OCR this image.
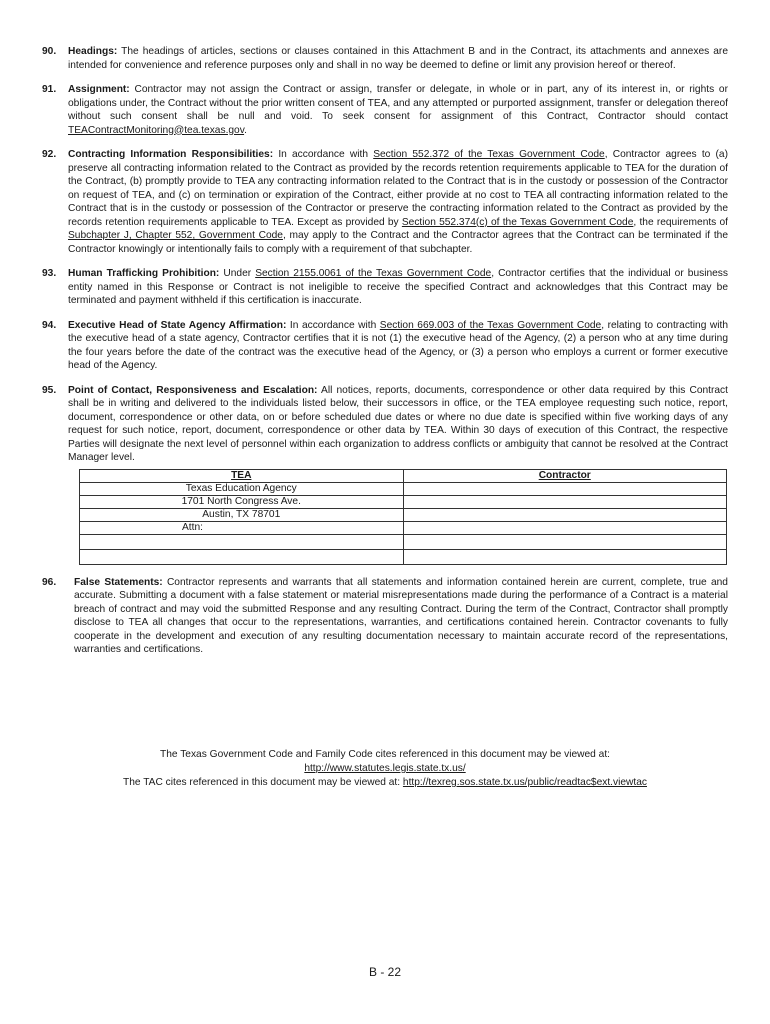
90. Headings: The headings of articles, sections or clauses contained in this Attachment B and in the Contract, its attachments and annexes are intended for convenience and reference purposes only and shall in no way be deemed to define or limit any provision hereof or thereof.
91. Assignment: Contractor may not assign the Contract or assign, transfer or delegate, in whole or in part, any of its interest in, or rights or obligations under, the Contract without the prior written consent of TEA, and any attempted or purported assignment, transfer or delegation thereof without such consent shall be null and void. To seek consent for assignment of this Contract, Contractor should contact TEAContractMonitoring@tea.texas.gov.
92. Contracting Information Responsibilities: In accordance with Section 552.372 of the Texas Government Code, Contractor agrees to (a) preserve all contracting information related to the Contract as provided by the records retention requirements applicable to TEA for the duration of the Contract, (b) promptly provide to TEA any contracting information related to the Contract that is in the custody or possession of the Contractor on request of TEA, and (c) on termination or expiration of the Contract, either provide at no cost to TEA all contracting information related to the Contract that is in the custody or possession of the Contractor or preserve the contracting information related to the Contract as provided by the records retention requirements applicable to TEA. Except as provided by Section 552.374(c) of the Texas Government Code, the requirements of Subchapter J, Chapter 552, Government Code, may apply to the Contract and the Contractor agrees that the Contract can be terminated if the Contractor knowingly or intentionally fails to comply with a requirement of that subchapter.
93. Human Trafficking Prohibition: Under Section 2155.0061 of the Texas Government Code, Contractor certifies that the individual or business entity named in this Response or Contract is not ineligible to receive the specified Contract and acknowledges that this Contract may be terminated and payment withheld if this certification is inaccurate.
94. Executive Head of State Agency Affirmation: In accordance with Section 669.003 of the Texas Government Code, relating to contracting with the executive head of a state agency, Contractor certifies that it is not (1) the executive head of the Agency, (2) a person who at any time during the four years before the date of the contract was the executive head of the Agency, or (3) a person who employs a current or former executive head of the Agency.
95. Point of Contact, Responsiveness and Escalation: All notices, reports, documents, correspondence or other data required by this Contract shall be in writing and delivered to the individuals listed below, their successors in office, or the TEA employee requesting such notice, report, document, correspondence or other data, on or before scheduled due dates or where no due date is specified within five working days of any request for such notice, report, document, correspondence or other data by TEA. Within 30 days of execution of this Contract, the respective Parties will designate the next level of personnel within each organization to address conflicts or ambiguity that cannot be resolved at the Contract Manager level.
TEA	Contractor
Texas Education Agency	
1701 North Congress Ave.	
Austin, TX 78701	
Attn:	

96. False Statements: Contractor represents and warrants that all statements and information contained herein are current, complete, true and accurate. Submitting a document with a false statement or material misrepresentations made during the performance of a Contract is a material breach of contract and may void the submitted Response and any resulting Contract. During the term of the Contract, Contractor shall promptly disclose to TEA all changes that occur to the representations, warranties, and certifications contained herein. Contractor covenants to fully cooperate in the development and execution of any resulting documentation necessary to maintain accurate record of the representations, warranties and certifications.
The Texas Government Code and Family Code cites referenced in this document may be viewed at:
http://www.statutes.legis.state.tx.us/
The TAC cites referenced in this document may be viewed at: http://texreg.sos.state.tx.us/public/readtac$ext.viewtac
B - 22
